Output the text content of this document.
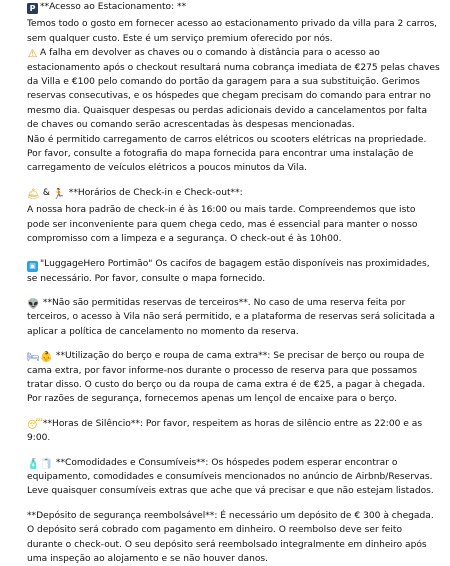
P **Acesso ao Estacionamento: **

Temos todo o gosto em fornecer acesso ao estacionamento privado da villa para 2 carros, sem qualquer custo. Este é um serviço premium oferecido por nós.

⚠ A falha em devolver as chaves ou o comando à distância para o acesso ao estacionamento após o checkout resultará numa cobrança imediata de €275 pelas chaves da Villa e €100 pelo comando do portão da garagem para a sua substituição. Gerimos reservas consecutivas, e os hóspedes que chegam precisam do comando para entrar no mesmo dia. Quaisquer despesas ou perdas adicionais devido a cancelamentos por falta de chaves ou comando serão acrescentadas às despesas mencionadas.

Não é permitido carregamento de carros elétricos ou scooters elétricas na propriedade. Por favor, consulte a fotografia do mapa fornecida para encontrar uma instalação de carregamento de veículos elétricos a poucos minutos da Vila.

🛎 & 🏃 **Horários de Check-in e Check-out**:

A nossa hora padrão de check-in é às 16:00 ou mais tarde. Compreendemos que isto pode ser inconveniente para quem chega cedo, mas é essencial para manter o nosso compromisso com a limpeza e a segurança. O check-out é às 10h00.

▣ "LuggageHero Portimão" Os cacifos de bagagem estão disponíveis nas proximidades, se necessário. Por favor, consulte o mapa fornecido.

👽 **Não são permitidas reservas de terceiros**. No caso de uma reserva feita por terceiros, o acesso à Vila não será permitido, e a plataforma de reservas será solicitada a aplicar a política de cancelamento no momento da reserva.

🛏👶 **Utilização do berço e roupa de cama extra**: Se precisar de berço ou roupa de cama extra, por favor informe-nos durante o processo de reserva para que possamos tratar disso. O custo do berço ou da roupa de cama extra é de €25, a pagar à chegada. Por razões de segurança, fornecemos apenas um lençol de encaixe para o berço.

😴 **Horas de Silêncio**: Por favor, respeitem as horas de silêncio entre as 22:00 e as 9:00.

🧴🧻 **Comodidades e Consumíveis**: Os hóspedes podem esperar encontrar o equipamento, comodidades e consumíveis mencionados no anúncio de Airbnb/Reservas. Leve quaisquer consumíveis extras que ache que vá precisar e que não estejam listados.

**Depósito de segurança reembolsável**: É necessário um depósito de € 300 à chegada. O depósito será cobrado com pagamento em dinheiro. O reembolso deve ser feito durante o check-out. O seu depósito será reembolsado integralmente em dinheiro após uma inspeção ao alojamento e se não houver danos.
